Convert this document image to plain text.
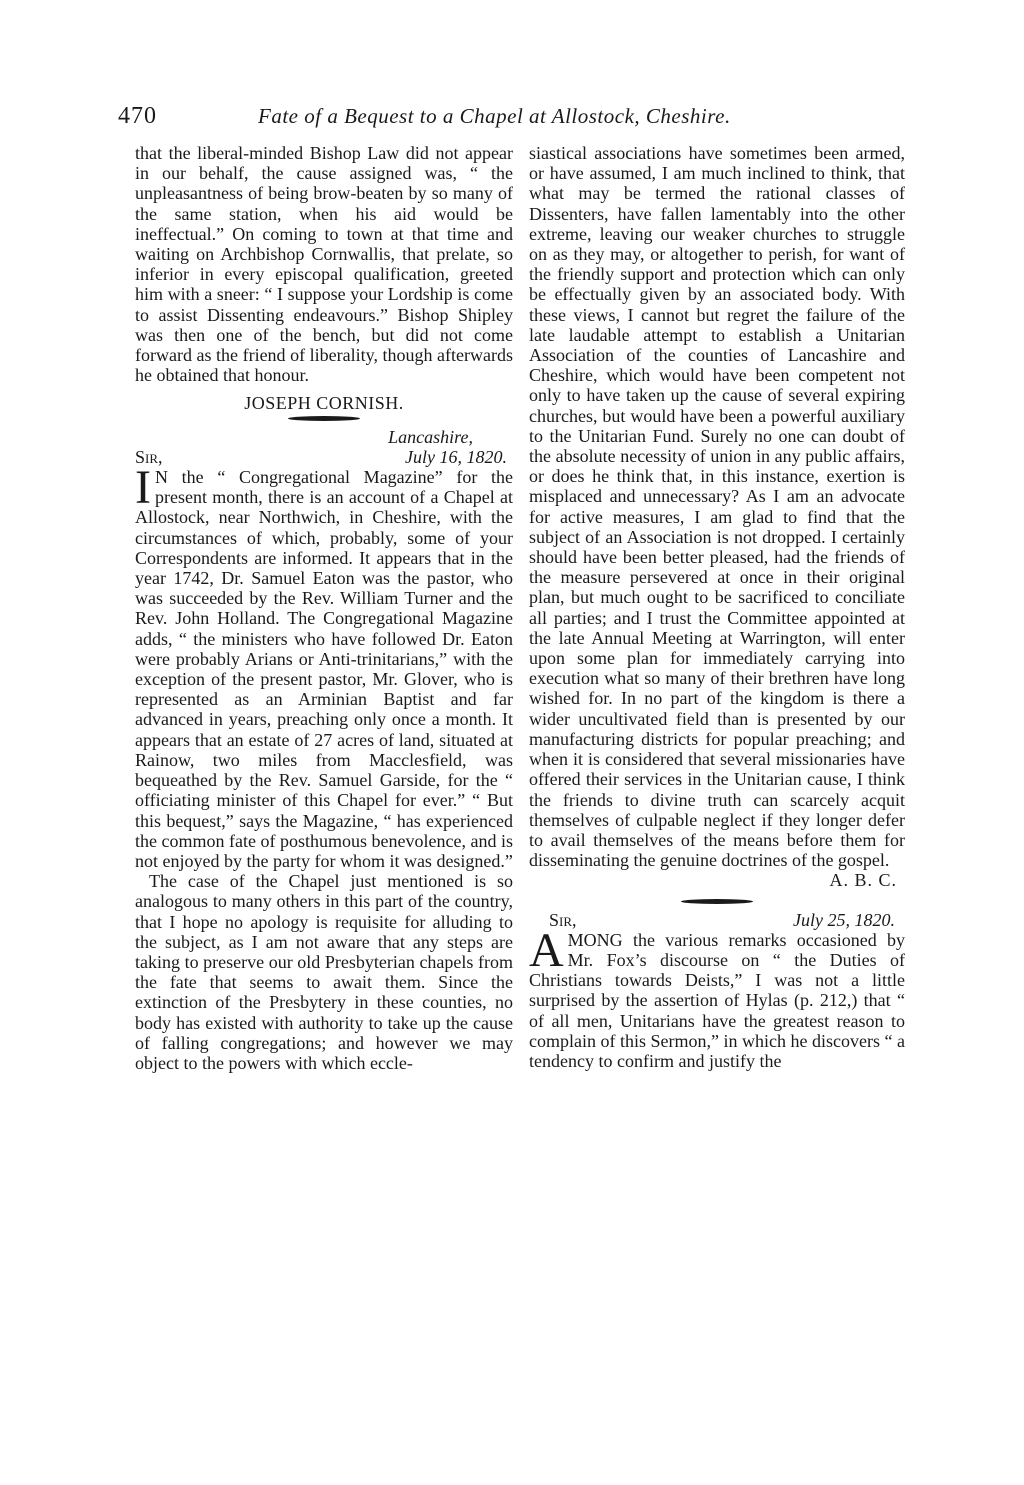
470	Fate of a Bequest to a Chapel at Allostock, Cheshire.

that the liberal-minded Bishop Law did not appear in our behalf, the cause assigned was, “ the unpleasantness of being brow-beaten by so many of the same station, when his aid would be ineffectual.” On coming to town at that time and waiting on Archbishop Cornwallis, that prelate, so inferior in every episcopal qualification, greeted him with a sneer: “ I suppose your Lordship is come to assist Dissenting endeavours.” Bishop Shipley was then one of the bench, but did not come forward as the friend of liberality, though afterwards he obtained that honour.

JOSEPH CORNISH.
Lancashire,
Sir,	July 16, 1820.

I N the “ Congregational Magazine” for the present month, there is an account of a Chapel at Allostock, near Northwich, in Cheshire, with the circumstances of which, probably, some of your Correspondents are informed. It appears that in the year 1742, Dr. Samuel Eaton was the pastor, who was succeeded by the Rev. William Turner and the Rev. John Holland. The Congregational Magazine adds, “ the ministers who have followed Dr. Eaton were probably Arians or Anti-trinitarians,” with the exception of the present pastor, Mr. Glover, who is represented as an Arminian Baptist and far advanced in years, preaching only once a month. It appears that an estate of 27 acres of land, situated at Rainow, two miles from Macclesfield, was bequeathed by the Rev. Samuel Garside, for the “ officiating minister of this Chapel for ever.” “ But this bequest,” says the Magazine, “ has experienced the common fate of posthumous benevolence, and is not enjoyed by the party for whom it was designed.”

The case of the Chapel just mentioned is so analogous to many others in this part of the country, that I hope no apology is requisite for alluding to the subject, as I am not aware that any steps are taking to preserve our old Presbyterian chapels from the fate that seems to await them. Since the extinction of the Presbytery in these counties, no body has existed with authority to take up the cause of falling congregations; and however we may object to the powers with which eccle-

siastical associations have sometimes been armed, or have assumed, I am much inclined to think, that what may be termed the rational classes of Dissenters, have fallen lamentably into the other extreme, leaving our weaker churches to struggle on as they may, or altogether to perish, for want of the friendly support and protection which can only be effectually given by an associated body. With these views, I cannot but regret the failure of the late laudable attempt to establish a Unitarian Association of the counties of Lancashire and Cheshire, which would have been competent not only to have taken up the cause of several expiring churches, but would have been a powerful auxiliary to the Unitarian Fund. Surely no one can doubt of the absolute necessity of union in any public affairs, or does he think that, in this instance, exertion is misplaced and unnecessary? As I am an advocate for active measures, I am glad to find that the subject of an Association is not dropped. I certainly should have been better pleased, had the friends of the measure persevered at once in their original plan, but much ought to be sacrificed to conciliate all parties; and I trust the Committee appointed at the late Annual Meeting at Warrington, will enter upon some plan for immediately carrying into execution what so many of their brethren have long wished for. In no part of the kingdom is there a wider uncultivated field than is presented by our manufacturing districts for popular preaching; and when it is considered that several missionaries have offered their services in the Unitarian cause, I think the friends to divine truth can scarcely acquit themselves of culpable neglect if they longer defer to avail themselves of the means before them for disseminating the genuine doctrines of the gospel.

A. B. C.
Sir,	July 25, 1820.

AMONG the various remarks occasioned by Mr. Fox’s discourse on “ the Duties of Christians towards Deists,” I was not a little surprised by the assertion of Hylas (p. 212,) that “ of all men, Unitarians have the greatest reason to complain of this Sermon,” in which he discovers “ a tendency to confirm and justify the
